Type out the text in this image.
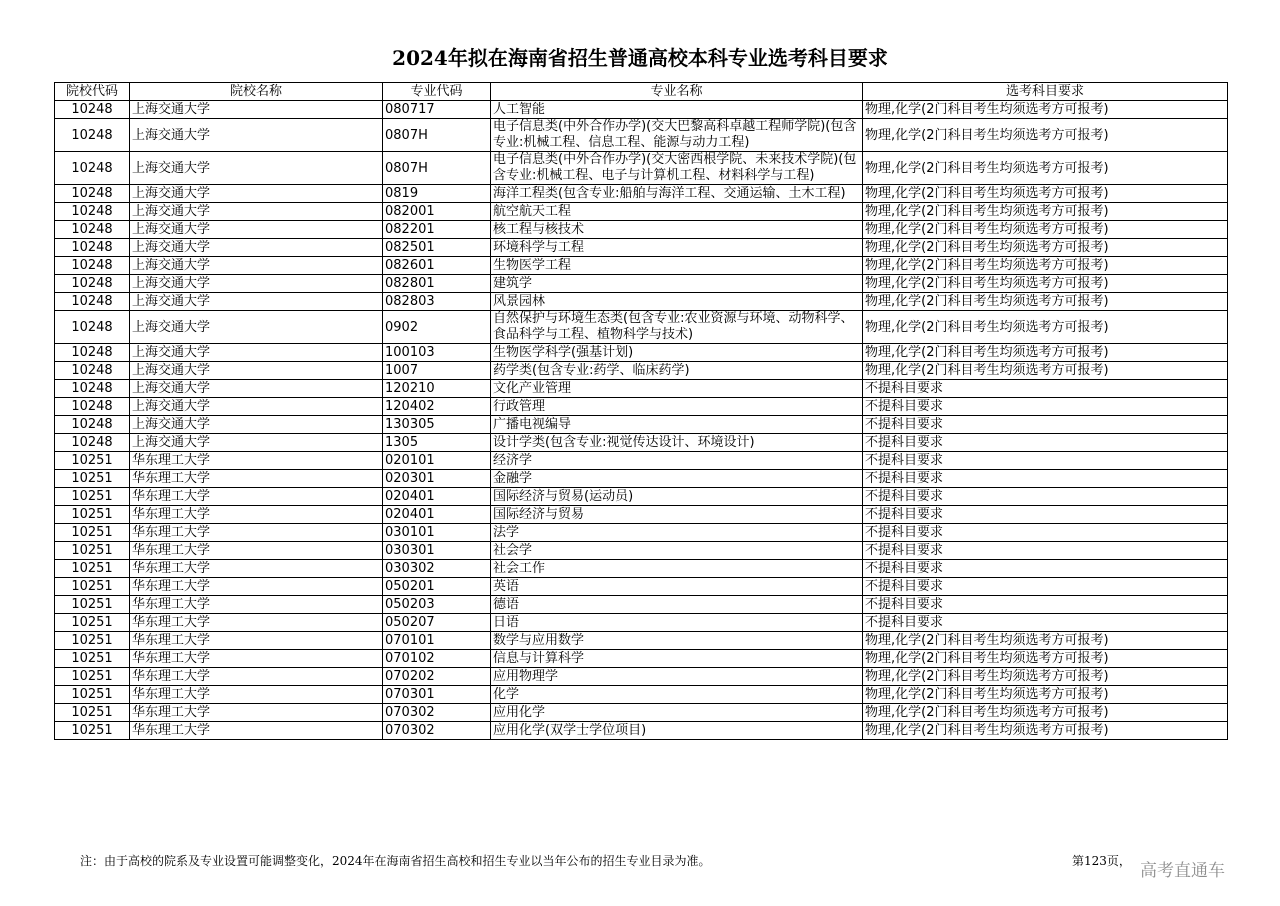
2024年拟在海南省招生普通高校本科专业选考科目要求
院校代码	院校名称	专业代码	专业名称	选考科目要求
10248	上海交通大学	080717	人工智能	物理,化学(2门科目考生均须选考方可报考)
10248	上海交通大学	0807H	电子信息类(中外合作办学)(交大巴黎高科卓越工程师学院)(包含专业:机械工程、信息工程、能源与动力工程)	物理,化学(2门科目考生均须选考方可报考)
10248	上海交通大学	0807H	电子信息类(中外合作办学)(交大密西根学院、未来技术学院)(包含专业:机械工程、电子与计算机工程、材料科学与工程)	物理,化学(2门科目考生均须选考方可报考)
10248	上海交通大学	0819	海洋工程类(包含专业:船舶与海洋工程、交通运输、土木工程)	物理,化学(2门科目考生均须选考方可报考)
10248	上海交通大学	082001	航空航天工程	物理,化学(2门科目考生均须选考方可报考)
10248	上海交通大学	082201	核工程与核技术	物理,化学(2门科目考生均须选考方可报考)
10248	上海交通大学	082501	环境科学与工程	物理,化学(2门科目考生均须选考方可报考)
10248	上海交通大学	082601	生物医学工程	物理,化学(2门科目考生均须选考方可报考)
10248	上海交通大学	082801	建筑学	物理,化学(2门科目考生均须选考方可报考)
10248	上海交通大学	082803	风景园林	物理,化学(2门科目考生均须选考方可报考)
10248	上海交通大学	0902	自然保护与环境生态类(包含专业:农业资源与环境、动物科学、食品科学与工程、植物科学与技术)	物理,化学(2门科目考生均须选考方可报考)
10248	上海交通大学	100103	生物医学科学(强基计划)	物理,化学(2门科目考生均须选考方可报考)
10248	上海交通大学	1007	药学类(包含专业:药学、临床药学)	物理,化学(2门科目考生均须选考方可报考)
10248	上海交通大学	120210	文化产业管理	不提科目要求
10248	上海交通大学	120402	行政管理	不提科目要求
10248	上海交通大学	130305	广播电视编导	不提科目要求
10248	上海交通大学	1305	设计学类(包含专业:视觉传达设计、环境设计)	不提科目要求
10251	华东理工大学	020101	经济学	不提科目要求
10251	华东理工大学	020301	金融学	不提科目要求
10251	华东理工大学	020401	国际经济与贸易(运动员)	不提科目要求
10251	华东理工大学	020401	国际经济与贸易	不提科目要求
10251	华东理工大学	030101	法学	不提科目要求
10251	华东理工大学	030301	社会学	不提科目要求
10251	华东理工大学	030302	社会工作	不提科目要求
10251	华东理工大学	050201	英语	不提科目要求
10251	华东理工大学	050203	德语	不提科目要求
10251	华东理工大学	050207	日语	不提科目要求
10251	华东理工大学	070101	数学与应用数学	物理,化学(2门科目考生均须选考方可报考)
10251	华东理工大学	070102	信息与计算科学	物理,化学(2门科目考生均须选考方可报考)
10251	华东理工大学	070202	应用物理学	物理,化学(2门科目考生均须选考方可报考)
10251	华东理工大学	070301	化学	物理,化学(2门科目考生均须选考方可报考)
10251	华东理工大学	070302	应用化学	物理,化学(2门科目考生均须选考方可报考)
10251	华东理工大学	070302	应用化学(双学士学位项目)	物理,化学(2门科目考生均须选考方可报考)

注：由于高校的院系及专业设置可能调整变化，2024年在海南省招生高校和招生专业以当年公布的招生专业目录为准。	第123页， 高考直通车
